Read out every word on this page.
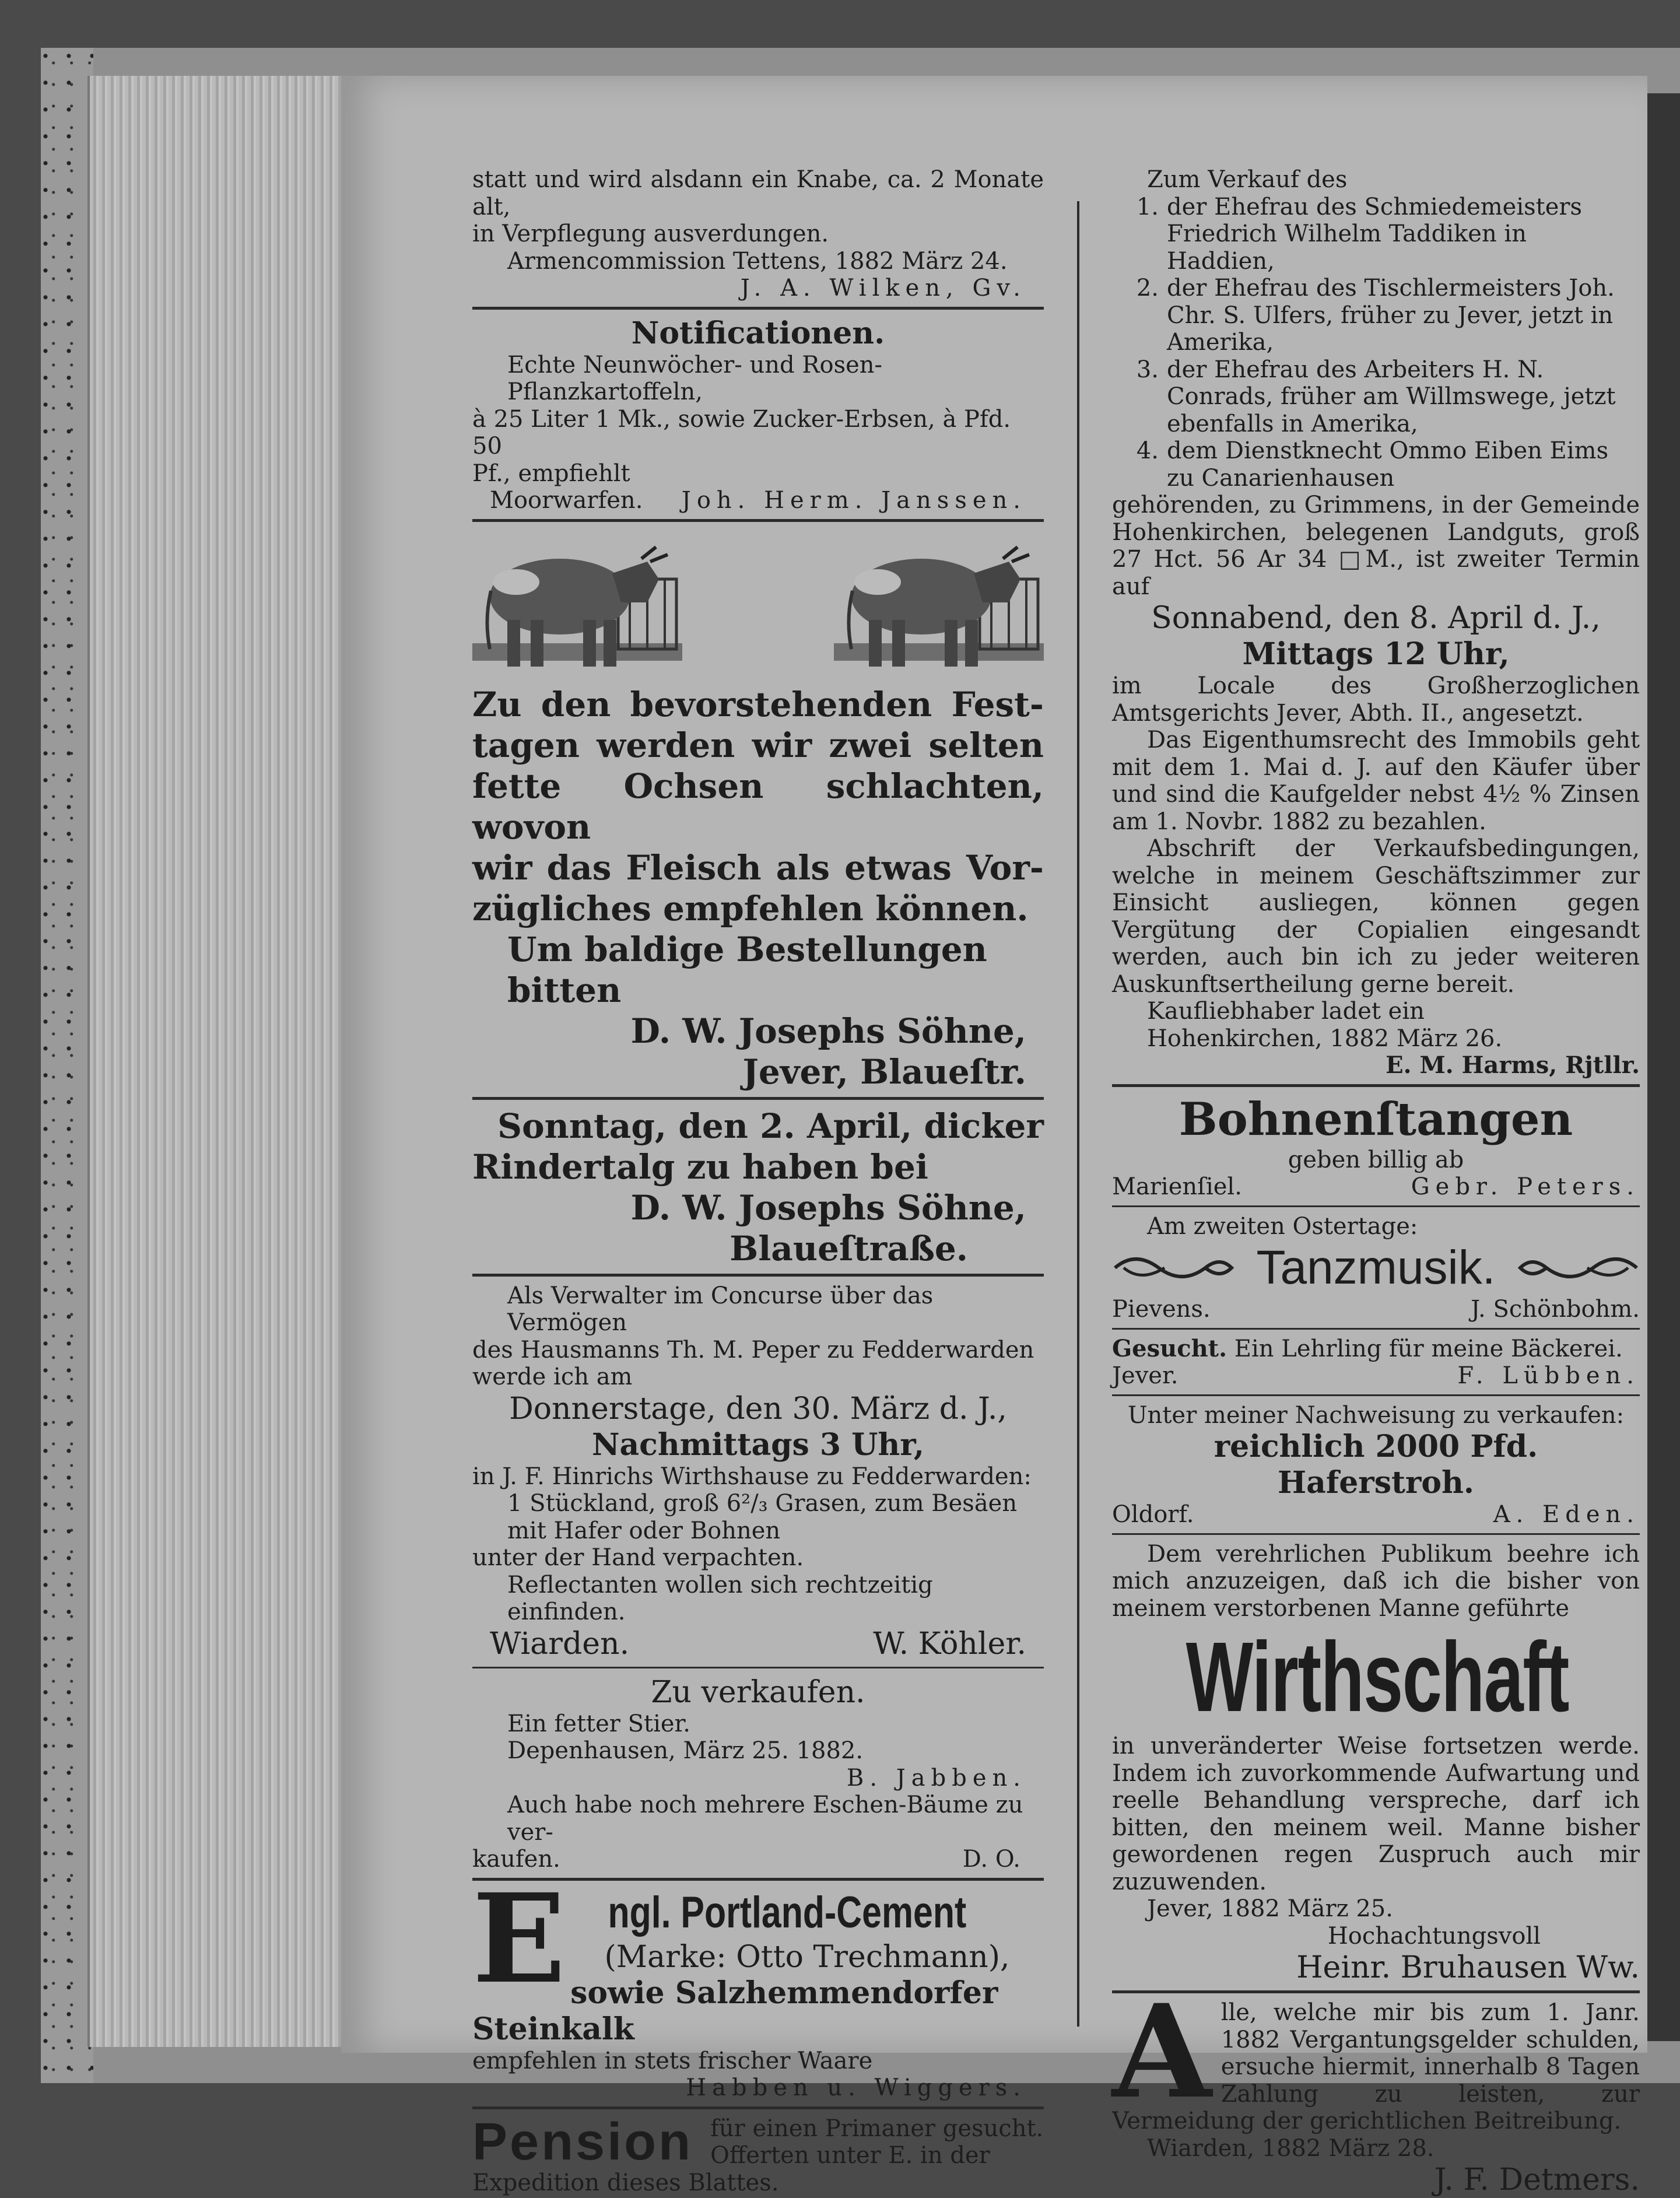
statt und wird alsdann ein Knabe, ca. 2 Monate alt,
in Verpflegung ausverdungen.
Armencommission Tettens, 1882 März 24.
J. A. Wilken, Gv.
Notificationen.
Echte Neunwöcher- und Rosen-Pflanzkartoffeln,
à 25 Liter 1 Mk., sowie Zucker-Erbsen, à Pfd. 50
Pf., empfiehlt
Moorwarfen. Joh. Herm. Janssen.
Zu den bevorstehenden Fest-
tagen werden wir zwei selten
fette Ochsen schlachten, wovon
wir das Fleisch als etwas Vor-
zügliches empfehlen können.
Um baldige Bestellungen bitten
D. W. Josephs Söhne,
Jever, Blaueſtr.
Sonntag, den 2. April, dicker
Rindertalg zu haben bei
D. W. Josephs Söhne,
Blaueſtraße.
Als Verwalter im Concurse über das Vermögen
des Hausmanns Th. M. Peper zu Fedderwarden
werde ich am
Donnerstage, den 30. März d. J.,
Nachmittags 3 Uhr,
in J. F. Hinrichs Wirthshause zu Fedderwarden:
1 Stückland, groß 6²/₃ Grasen, zum Besäen
mit Hafer oder Bohnen
unter der Hand verpachten.
Reflectanten wollen sich rechtzeitig einfinden.
Wiarden.	W. Köhler.
Zu verkaufen.
Ein fetter Stier.
Depenhausen, März 25. 1882.
B. Jabben.
Auch habe noch mehrere Eschen-Bäume zu ver-
kaufen.	D. O.
E ngl. Portland-Cement
(Marke: Otto Trechmann),
sowie Salzhemmendorfer Steinkalk
empfehlen in stets frischer Waare
Habben u. Wiggers.
Pension für einen Primaner gesucht.
Offerten unter E. in der
Expedition dieses Blattes.
Zum Verkauf des
1. der Ehefrau des Schmiedemeisters Friedrich Wilhelm Taddiken in Haddien,
2. der Ehefrau des Tischlermeisters Joh. Chr. S. Ulfers, früher zu Jever, jetzt in Amerika,
3. der Ehefrau des Arbeiters H. N. Conrads, früher am Willmswege, jetzt ebenfalls in Amerika,
4. dem Dienstknecht Ommo Eiben Eims zu Canarienhausen
gehörenden, zu Grimmens, in der Gemeinde Hohenkirchen, belegenen Landguts, groß 27 Hct. 56 Ar 34 □M., ist zweiter Termin auf
Sonnabend, den 8. April d. J.,
Mittags 12 Uhr,
im Locale des Großherzoglichen Amtsgerichts Jever, Abth. II., angesetzt.
Das Eigenthumsrecht des Immobils geht mit dem 1. Mai d. J. auf den Käufer über und sind die Kaufgelder nebst 4½ % Zinsen am 1. Novbr. 1882 zu bezahlen.
Abschrift der Verkaufsbedingungen, welche in meinem Geschäftszimmer zur Einsicht ausliegen, können gegen Vergütung der Copialien eingesandt werden, auch bin ich zu jeder weiteren Auskunftsertheilung gerne bereit.
Kaufliebhaber ladet ein
Hohenkirchen, 1882 März 26.
E. M. Harms, Rjtllr.
Bohnenſtangen
geben billig ab
Marienſiel.	Gebr. Peters.
Am zweiten Ostertage:
Tanzmusik.
Pievens.	J. Schönbohm.
Gesucht. Ein Lehrling für meine Bäckerei.
Jever.	F. Lübben.
Unter meiner Nachweisung zu verkaufen:
reichlich 2000 Pfd. Haferstroh.
Oldorf.	A. Eden.
Dem verehrlichen Publikum beehre ich mich anzuzeigen, daß ich die bisher von meinem verstorbenen Manne geführte
Wirthschaft
in unveränderter Weise fortsetzen werde. Indem ich zuvorkommende Aufwartung und reelle Behandlung verspreche, darf ich bitten, den meinem weil. Manne bisher gewordenen regen Zuspruch auch mir zuzuwenden.
Jever, 1882 März 25.
Hochachtungsvoll
Heinr. Bruhausen Ww.
A lle, welche mir bis zum 1. Janr. 1882 Vergantungsgelder schulden, ersuche hiermit, innerhalb 8 Tagen Zahlung zu leisten, zur Vermeidung der gerichtlichen Beitreibung.
Wiarden, 1882 März 28.
J. F. Detmers.
